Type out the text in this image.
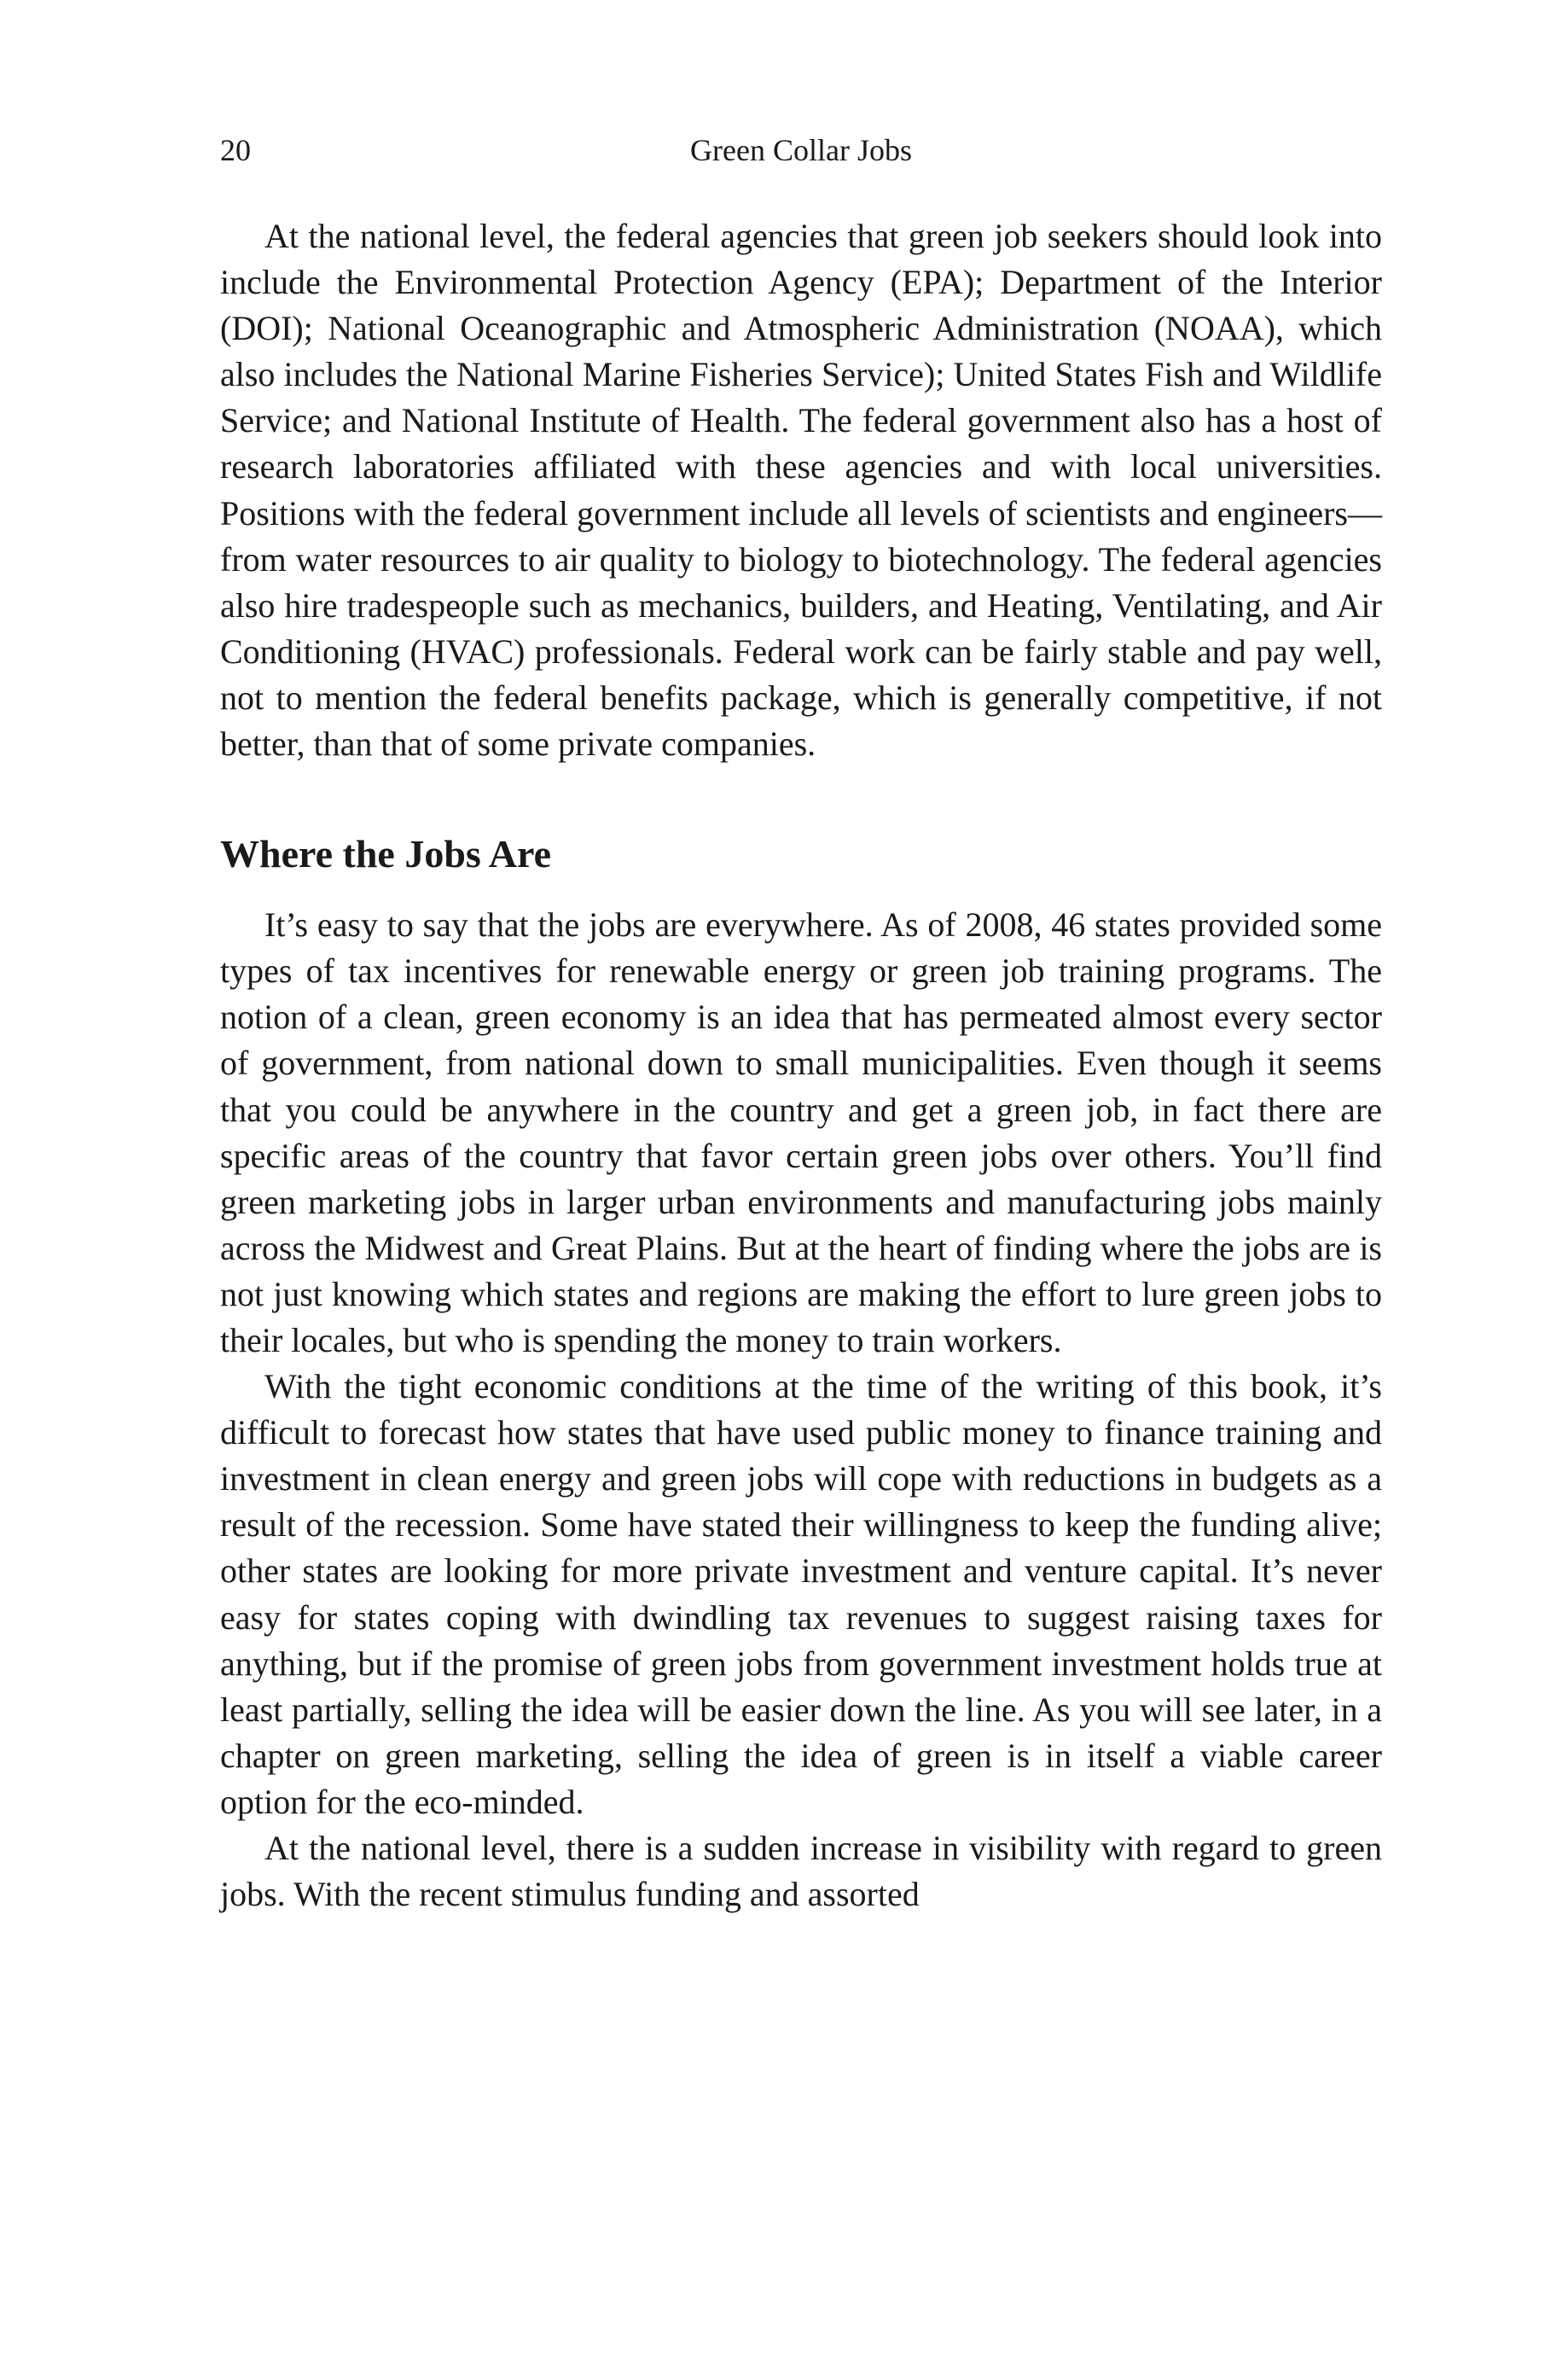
20	Green Collar Jobs

At the national level, the federal agencies that green job seekers should look into include the Environmental Protection Agency (EPA); Department of the Interior (DOI); National Oceanographic and Atmospheric Administration (NOAA), which also includes the National Marine Fisheries Service); United States Fish and Wildlife Service; and National Institute of Health. The federal government also has a host of research laboratories affiliated with these agencies and with local universities. Positions with the federal government include all levels of scientists and engineers—from water resources to air quality to biology to biotechnology. The federal agencies also hire tradespeople such as mechanics, builders, and Heating, Ventilating, and Air Conditioning (HVAC) professionals. Federal work can be fairly stable and pay well, not to mention the federal benefits package, which is generally competitive, if not better, than that of some private companies.

Where the Jobs Are

It’s easy to say that the jobs are everywhere. As of 2008, 46 states provided some types of tax incentives for renewable energy or green job training programs. The notion of a clean, green economy is an idea that has permeated almost every sector of government, from national down to small municipalities. Even though it seems that you could be anywhere in the country and get a green job, in fact there are specific areas of the country that favor certain green jobs over others. You’ll find green marketing jobs in larger urban environments and manufacturing jobs mainly across the Midwest and Great Plains. But at the heart of finding where the jobs are is not just knowing which states and regions are making the effort to lure green jobs to their locales, but who is spending the money to train workers.

With the tight economic conditions at the time of the writing of this book, it’s difficult to forecast how states that have used public money to finance training and investment in clean energy and green jobs will cope with reductions in budgets as a result of the recession. Some have stated their willingness to keep the funding alive; other states are looking for more private investment and venture capital. It’s never easy for states coping with dwindling tax revenues to suggest raising taxes for anything, but if the promise of green jobs from government investment holds true at least partially, selling the idea will be easier down the line. As you will see later, in a chapter on green marketing, selling the idea of green is in itself a viable career option for the eco-minded.

At the national level, there is a sudden increase in visibility with regard to green jobs. With the recent stimulus funding and assorted
